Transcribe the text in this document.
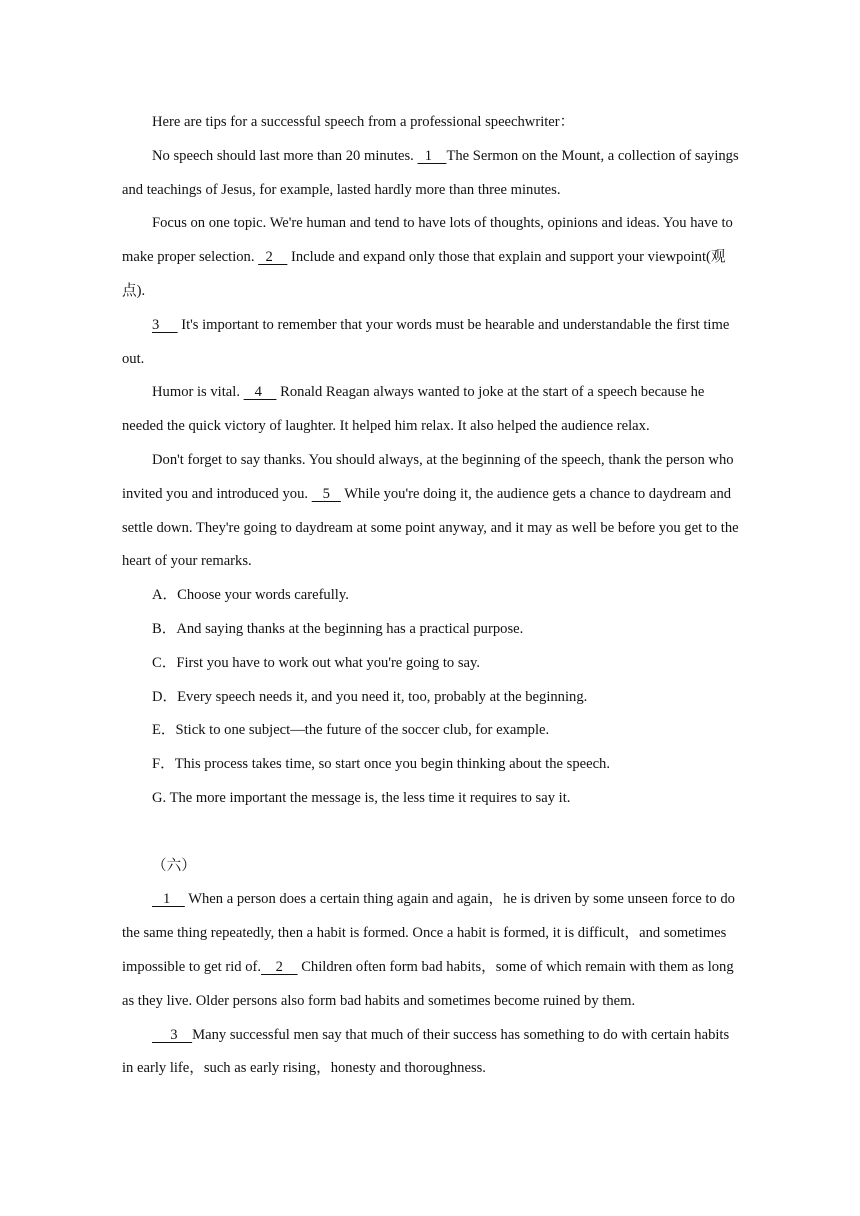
Here are tips for a successful speech from a professional speechwriter：

No speech should last more than 20 minutes.   1    The Sermon on the Mount, a collection of sayings and teachings of Jesus, for example, lasted hardly more than three minutes.

Focus on one topic. We're human and tend to have lots of thoughts, opinions and ideas. You have to make proper selection.   2     Include and expand only those that explain and support your viewpoint(观点).

3      It's important to remember that your words must be hearable and understandable the first time out.

Humor is vital.    4     Ronald Reagan always wanted to joke at the start of a speech because he needed the quick victory of laughter. It helped him relax. It also helped the audience relax.

Don't forget to say thanks. You should always, at the beginning of the speech, thank the person who invited you and introduced you.    5    While you're doing it, the audience gets a chance to daydream and settle down. They're going to daydream at some point anyway, and it may as well be before you get to the heart of your remarks.

A．Choose your words carefully.

B．And saying thanks at the beginning has a practical purpose.

C．First you have to work out what you're going to say.

D．Every speech needs it, and you need it, too, probably at the beginning.

E．Stick to one subject—the future of the soccer club, for example.

F．This process takes time, so start once you begin thinking about the speech.

G. The more important the message is, the less time it requires to say it.

（六）

1     When a person does a certain thing again and again，he is driven by some unseen force to do the same thing repeatedly, then a habit is formed. Once a habit is formed, it is difficult，and sometimes impossible to get rid of.    2     Children often form bad habits，some of which remain with them as long as they live. Older persons also form bad habits and sometimes become ruined by them.

3    Many successful men say that much of their success has something to do with certain habits in early life，such as early rising，honesty and thoroughness.
